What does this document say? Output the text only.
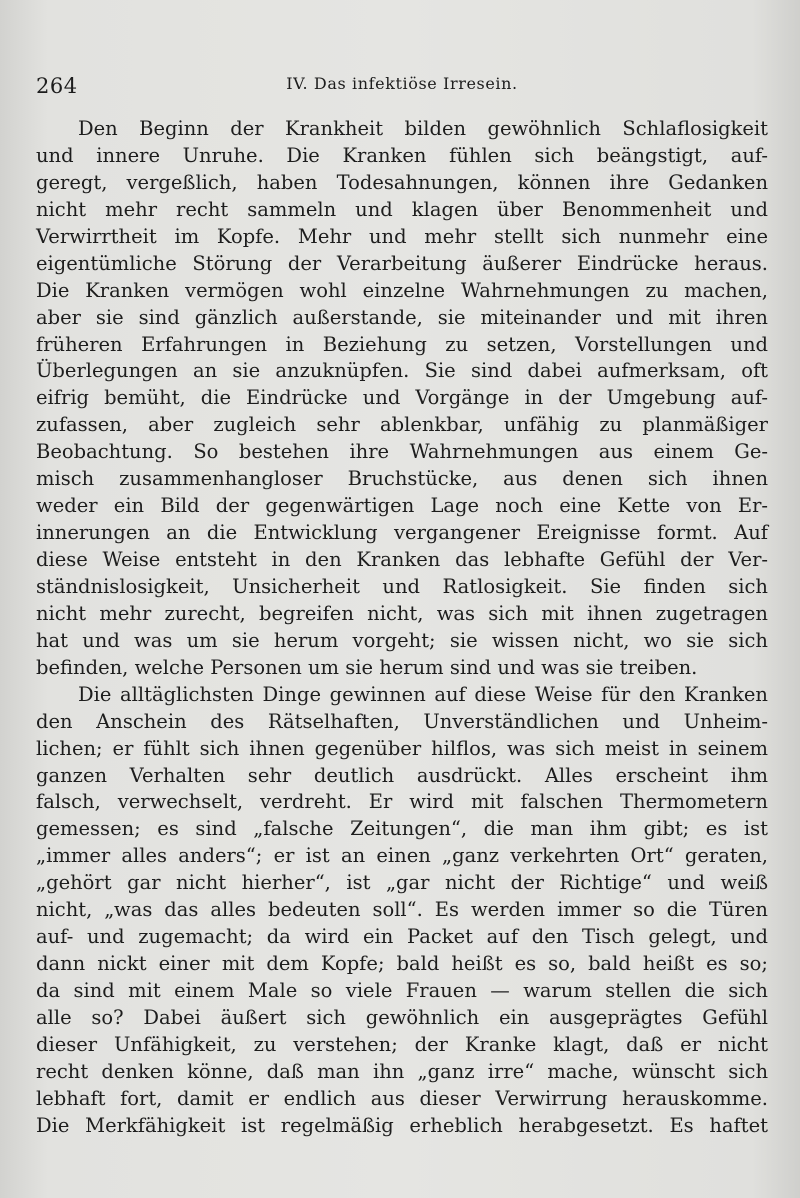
264	IV. Das infektiöse Irresein.
Den Beginn der Krankheit bilden gewöhnlich Schlaflosigkeit
und innere Unruhe. Die Kranken fühlen sich beängstigt, auf-
geregt, vergeßlich, haben Todesahnungen, können ihre Gedanken
nicht mehr recht sammeln und klagen über Benommenheit und
Verwirrtheit im Kopfe. Mehr und mehr stellt sich nunmehr eine
eigentümliche Störung der Verarbeitung äußerer Eindrücke heraus.
Die Kranken vermögen wohl einzelne Wahrnehmungen zu machen,
aber sie sind gänzlich außerstande, sie miteinander und mit ihren
früheren Erfahrungen in Beziehung zu setzen, Vorstellungen und
Überlegungen an sie anzuknüpfen. Sie sind dabei aufmerksam, oft
eifrig bemüht, die Eindrücke und Vorgänge in der Umgebung auf-
zufassen, aber zugleich sehr ablenkbar, unfähig zu planmäßiger
Beobachtung. So bestehen ihre Wahrnehmungen aus einem Ge-
misch zusammenhangloser Bruchstücke, aus denen sich ihnen
weder ein Bild der gegenwärtigen Lage noch eine Kette von Er-
innerungen an die Entwicklung vergangener Ereignisse formt. Auf
diese Weise entsteht in den Kranken das lebhafte Gefühl der Ver-
ständnislosigkeit, Unsicherheit und Ratlosigkeit. Sie finden sich
nicht mehr zurecht, begreifen nicht, was sich mit ihnen zugetragen
hat und was um sie herum vorgeht; sie wissen nicht, wo sie sich
befinden, welche Personen um sie herum sind und was sie treiben.
Die alltäglichsten Dinge gewinnen auf diese Weise für den Kranken
den Anschein des Rätselhaften, Unverständlichen und Unheim-
lichen; er fühlt sich ihnen gegenüber hilflos, was sich meist in seinem
ganzen Verhalten sehr deutlich ausdrückt. Alles erscheint ihm
falsch, verwechselt, verdreht. Er wird mit falschen Thermometern
gemessen; es sind „falsche Zeitungen“, die man ihm gibt; es ist
„immer alles anders“; er ist an einen „ganz verkehrten Ort“ geraten,
„gehört gar nicht hierher“, ist „gar nicht der Richtige“ und weiß
nicht, „was das alles bedeuten soll“. Es werden immer so die Türen
auf- und zugemacht; da wird ein Packet auf den Tisch gelegt, und
dann nickt einer mit dem Kopfe; bald heißt es so, bald heißt es so;
da sind mit einem Male so viele Frauen — warum stellen die sich
alle so? Dabei äußert sich gewöhnlich ein ausgeprägtes Gefühl
dieser Unfähigkeit, zu verstehen; der Kranke klagt, daß er nicht
recht denken könne, daß man ihn „ganz irre“ mache, wünscht sich
lebhaft fort, damit er endlich aus dieser Verwirrung herauskomme.
Die Merkfähigkeit ist regelmäßig erheblich herabgesetzt. Es haftet
